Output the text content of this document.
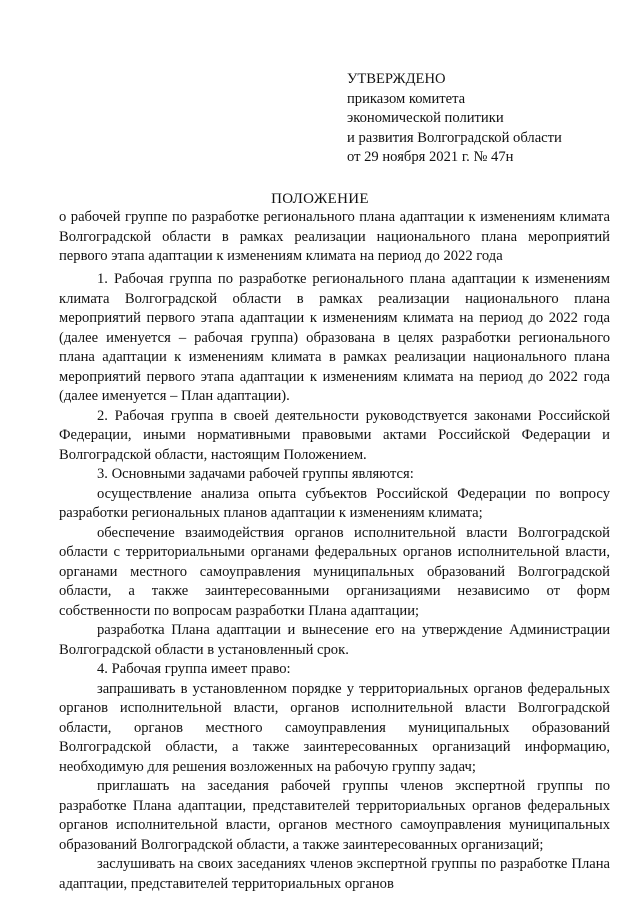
УТВЕРЖДЕНО
приказом комитета
экономической политики
и развития Волгоградской области
от 29 ноября 2021 г. № 47н
ПОЛОЖЕНИЕ
о рабочей группе по разработке регионального плана адаптации к изменениям климата Волгоградской области в рамках реализации национального плана мероприятий первого этапа адаптации к изменениям климата на период до 2022 года

1. Рабочая группа по разработке регионального плана адаптации к изменениям климата Волгоградской области в рамках реализации национального плана мероприятий первого этапа адаптации к изменениям климата на период до 2022 года (далее именуется – рабочая группа) образована в целях разработки регионального плана адаптации к изменениям климата в рамках реализации национального плана мероприятий первого этапа адаптации к изменениям климата на период до 2022 года (далее именуется – План адаптации).

2. Рабочая группа в своей деятельности руководствуется законами Российской Федерации, иными нормативными правовыми актами Российской Федерации и Волгоградской области, настоящим Положением.

3. Основными задачами рабочей группы являются:

осуществление анализа опыта субъектов Российской Федерации по вопросу разработки региональных планов адаптации к изменениям климата;

обеспечение взаимодействия органов исполнительной власти Волгоградской области с территориальными органами федеральных органов исполнительной власти, органами местного самоуправления муниципальных образований Волгоградской области, а также заинтересованными организациями независимо от форм собственности по вопросам разработки Плана адаптации;

разработка Плана адаптации и вынесение его на утверждение Администрации Волгоградской области в установленный срок.

4. Рабочая группа имеет право:

запрашивать в установленном порядке у территориальных органов федеральных органов исполнительной власти, органов исполнительной власти Волгоградской области, органов местного самоуправления муниципальных образований Волгоградской области, а также заинтересованных организаций информацию, необходимую для решения возложенных на рабочую группу задач;

приглашать на заседания рабочей группы членов экспертной группы по разработке Плана адаптации, представителей территориальных органов федеральных органов исполнительной власти, органов местного самоуправления муниципальных образований Волгоградской области, а также заинтересованных организаций;

заслушивать на своих заседаниях членов экспертной группы по разработке Плана адаптации, представителей территориальных органов
